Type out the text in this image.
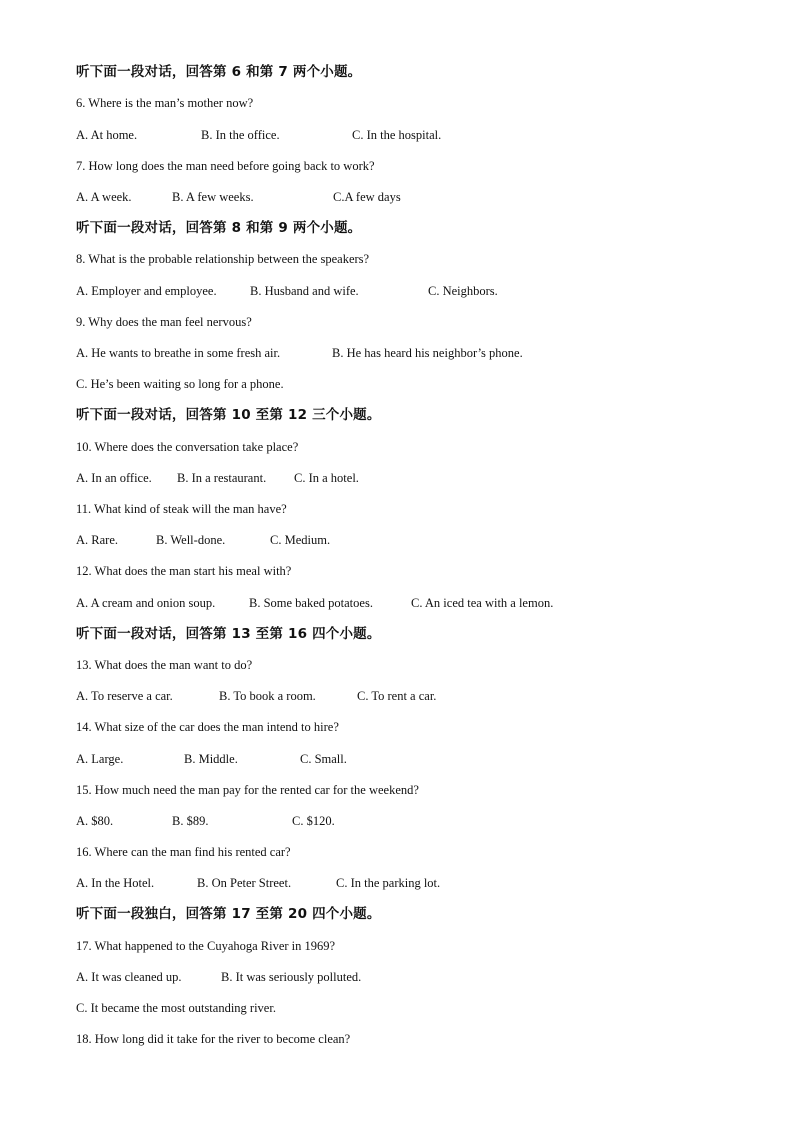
听下面一段对话，回答第 6 和第 7 两个小题。
6. Where is the man’s mother now?
A. At home.	B. In the office.	C. In the hospital.
7. How long does the man need before going back to work?
A. A week.	B. A few weeks.	C.A few days
听下面一段对话，回答第 8 和第 9 两个小题。
8. What is the probable relationship between the speakers?
A. Employer and employee.	B. Husband and wife.	C. Neighbors.
9. Why does the man feel nervous?
A. He wants to breathe in some fresh air.	B. He has heard his neighbor’s phone.
C. He’s been waiting so long for a phone.
听下面一段对话，回答第 10 至第 12 三个小题。
10. Where does the conversation take place?
A. In an office. B. In a restaurant. C. In a hotel.
11. What kind of steak will the man have?
A. Rare.	B. Well-done.	C. Medium.
12. What does the man start his meal with?
A. A cream and onion soup.	B. Some baked potatoes.	C. An iced tea with a lemon.
听下面一段对话，回答第 13 至第 16 四个小题。
13. What does the man want to do?
A. To reserve a car.	B. To book a room.	C. To rent a car.
14. What size of the car does the man intend to hire?
A. Large.	B. Middle.	C. Small.
15. How much need the man pay for the rented car for the weekend?
A. $80.	B. $89.	C. $120.
16. Where can the man find his rented car?
A. In the Hotel.	B. On Peter Street.	C. In the parking lot.
听下面一段独白，回答第 17 至第 20 四个小题。
17. What happened to the Cuyahoga River in 1969?
A. It was cleaned up.	B. It was seriously polluted.
C. It became the most outstanding river.
18. How long did it take for the river to become clean?
